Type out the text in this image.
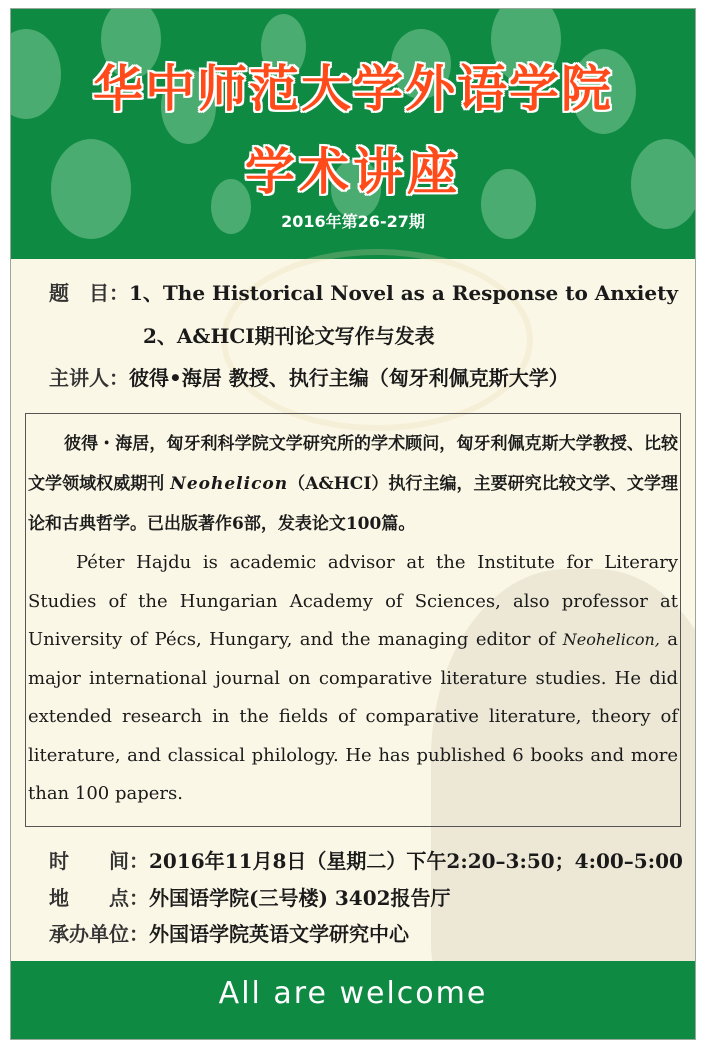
华中师范大学外语学院
学术讲座
2016年第26-27期
题　目：1、The Historical Novel as a Response to Anxiety
2、A&HCI期刊论文写作与发表
主讲人：彼得•海居 教授、执行主编（匈牙利佩克斯大学）
彼得・海居，匈牙利科学院文学研究所的学术顾问，匈牙利佩克斯大学教授、比较文学领域权威期刊 Neohelicon（A&HCI）执行主编，主要研究比较文学、文学理论和古典哲学。已出版著作6部，发表论文100篇。
Péter Hajdu is academic advisor at the Institute for Literary Studies of the Hungarian Academy of Sciences, also professor at University of Pécs, Hungary, and the managing editor of Neohelicon, a major international journal on comparative literature studies. He did extended research in the fields of comparative literature, theory of literature, and classical philology. He has published 6 books and more than 100 papers.
时　　间：2016年11月8日（星期二）下午2:20–3:50；4:00–5:00
地　　点：外国语学院(三号楼) 3402报告厅
承办单位：外国语学院英语文学研究中心
All are welcome
